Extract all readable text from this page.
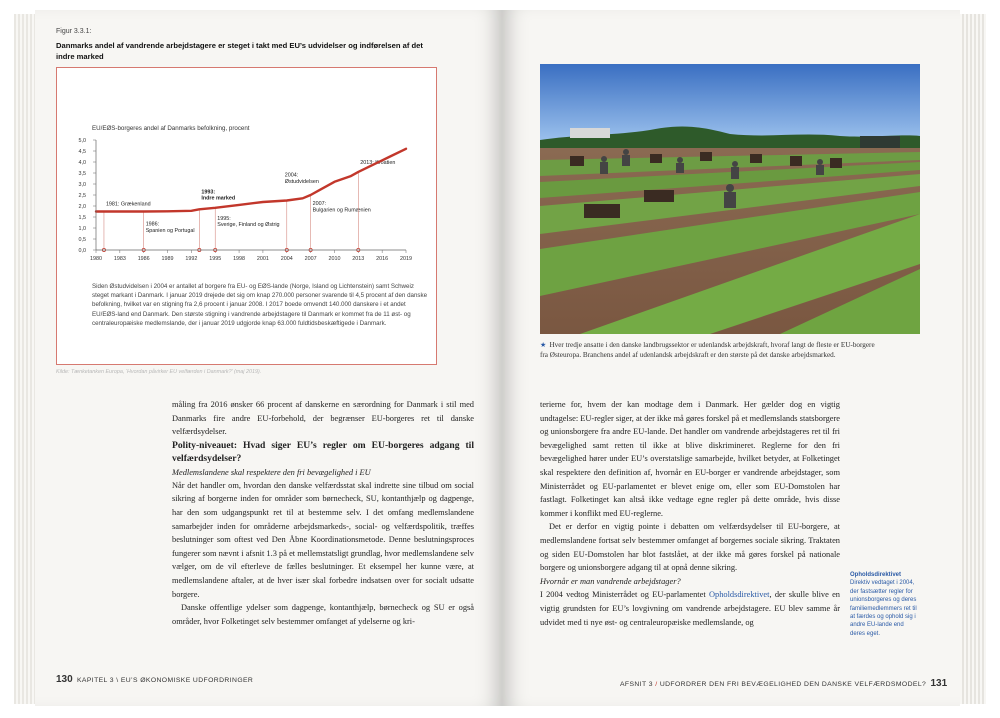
Figur 3.3.1:
Danmarks andel af vandrende arbejdstagere er steget i takt med EU’s udvidelser og indførelsen af det indre marked
EU/EØS-borgeres andel af Danmarks befolkning, procent
0,0
0,5
1,0
1,5
2,0
2,5
3,0
3,5
4,0
4,5
5,0
1980 1983 1986 1989 1992 1995 1998 2001 2004 2007 2010 2013 2016 2019
1981: Grækenland
1986: Spanien og Portugal
1993: Indre marked
1995: Sverige, Finland og Østrig
2004: Østudvidelsen
2007: Bulgarien og Rumænien
2013: Kroatien
Siden Østudvidelsen i 2004 er antallet af borgere fra EU- og EØS-lande (Norge, Island og Lichtenstein) samt Schweiz steget markant i Danmark. I januar 2019 drejede det sig om knap 270.000 personer svarende til 4,5 procent af den danske befolkning, hvilket var en stigning fra 2,6 procent i januar 2008. I 2017 boede omvendt 140.000 danskere i et andet EU/EØS-land end Danmark. Den største stigning i vandrende arbejdstagere til Danmark er kommet fra de 11 øst- og centraleuropæiske medlemslande, der i januar 2019 udgjorde knap 63.000 fuldtidsbeskæftigede i Danmark.
Kilde: Tænketanken Europa, ‘Hvordan påvirker EU velfærden i Danmark?’ (maj 2019).

måling fra 2016 ønsker 66 procent af danskerne en særordning for Danmark i stil med Danmarks fire andre EU-forbehold, der begrænser EU-borgeres ret til danske velfærdsydelser.

Polity-niveauet: Hvad siger EU’s regler om EU-borgeres adgang til velfærdsydelser?

Medlemslandene skal respektere den fri bevægelighed i EU

Når det handler om, hvordan den danske velfærdsstat skal indrette sine tilbud om social sikring af borgerne inden for områder som børnecheck, SU, kontanthjælp og dagpenge, har den som udgangspunkt ret til at bestemme selv. I det omfang medlemslandene samarbejder inden for områderne arbejdsmarkeds-, social- og velfærdspolitik, træffes beslutninger som oftest ved Den Åbne Koordinationsmetode. Denne beslutningsproces fungerer som nævnt i afsnit 1.3 på et mellemstatsligt grundlag, hvor medlemslandene selv vælger, om de vil efterleve de fælles beslutninger. Et eksempel her kunne være, at medlemslandene aftaler, at de hver især skal forbedre indsatsen over for socialt udsatte borgere.

Danske offentlige ydelser som dagpenge, kontanthjælp, børnecheck og SU er også områder, hvor Folketinget selv bestemmer omfanget af ydelserne og kri-

130 KAPITEL 3 \ EU’S ØKONOMISKE UDFORDRINGER
★ Hver tredje ansatte i den danske landbrugssektor er udenlandsk arbejdskraft, hvoraf langt de fleste er EU-borgere fra Østeuropa. Branchens andel af udenlandsk arbejdskraft er den største på det danske arbejdsmarked.

terierne for, hvem der kan modtage dem i Danmark. Her gælder dog en vigtig undtagelse: EU-regler siger, at der ikke må gøres forskel på et medlemslands statsborgere og unionsborgere fra andre EU-lande. Det handler om vandrende arbejdstageres ret til fri bevægelighed samt retten til ikke at blive diskrimineret. Reglerne for den fri bevægelighed hører under EU’s overstatslige samarbejde, hvilket betyder, at Folketinget skal respektere den definition af, hvornår en EU-borger er vandrende arbejdstager, som Ministerrådet og EU-parlamentet er blevet enige om, eller som EU-Domstolen har fastlagt. Folketinget kan altså ikke vedtage egne regler på dette område, hvis disse kommer i konflikt med EU-reglerne.

Det er derfor en vigtig pointe i debatten om velfærdsydelser til EU-borgere, at medlemslandene fortsat selv bestemmer omfanget af borgernes sociale sikring. Traktaten og siden EU-Domstolen har blot fastslået, at der ikke må gøres forskel på nationale borgere og unionsborgere adgang til at opnå denne sikring.

Hvornår er man vandrende arbejdstager?

I 2004 vedtog Ministerrådet og EU-parlamentet Opholdsdirektivet, der skulle blive en vigtig grundsten for EU’s lovgivning om vandrende arbejdstagere. EU blev samme år udvidet med ti nye øst- og centraleuropæiske medlemslande, og

Opholdsdirektivet
Direktiv vedtaget i 2004, der fastsætter regler for unionsborgeres og deres familiemedlemmers ret til at færdes og ophold sig i andre EU-lande end deres eget.
AFSNIT 3 / UDFORDRER DEN FRI BEVÆGELIGHED DEN DANSKE VELFÆRDSMODEL? 131
